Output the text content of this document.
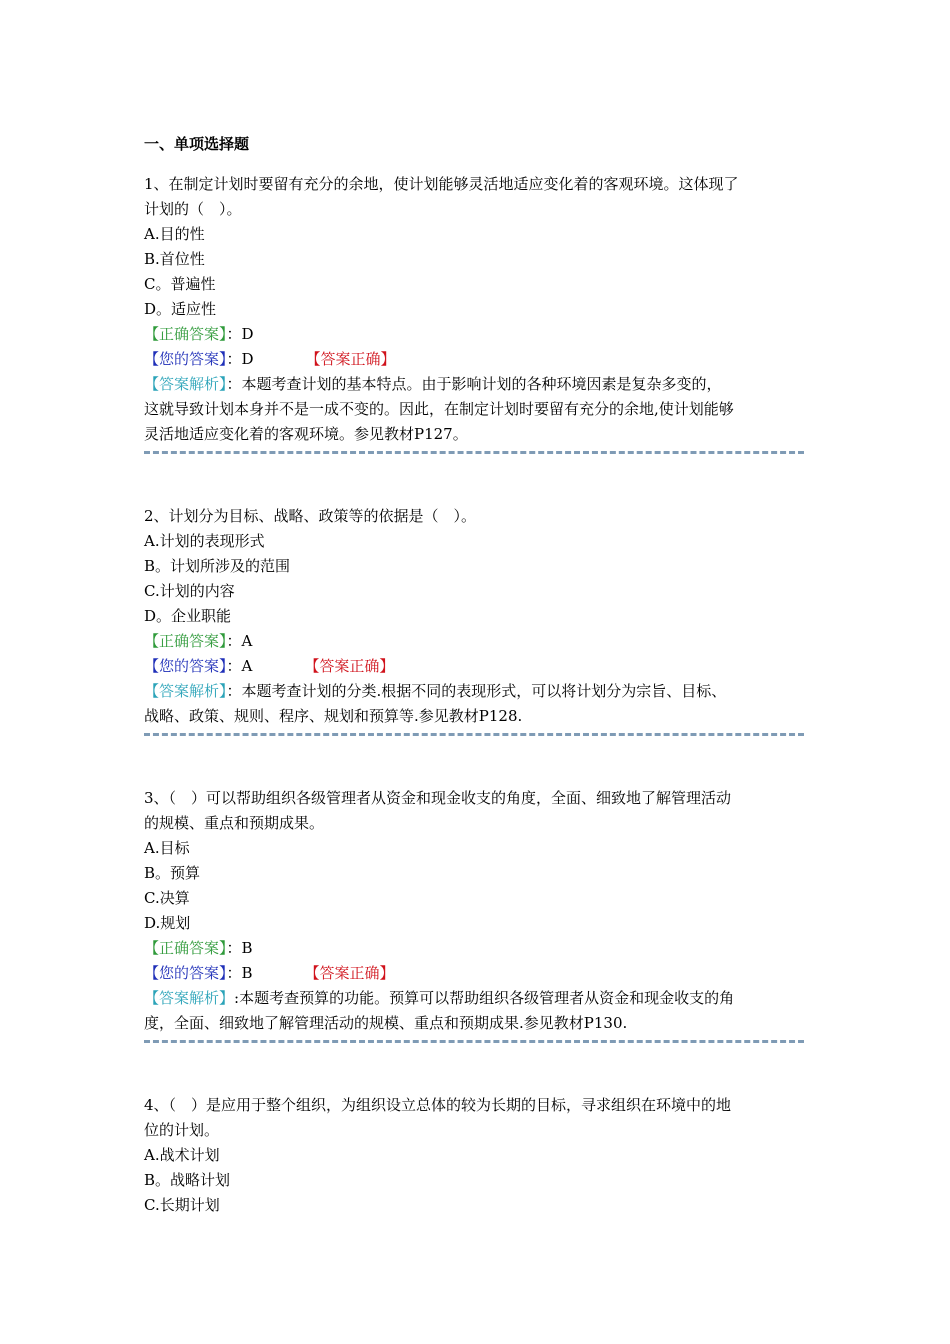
一、单项选择题

1、在制定计划时要留有充分的余地，使计划能够灵活地适应变化着的客观环境。这体现了

计划的（　）。

A.目的性

B.首位性

C。普遍性

D。适应性

【正确答案】：D

【您的答案】：D	【答案正确】

【答案解析】：本题考查计划的基本特点。由于影响计划的各种环境因素是复杂多变的，

这就导致计划本身并不是一成不变的。因此，在制定计划时要留有充分的余地,使计划能够

灵活地适应变化着的客观环境。参见教材P127。

2、计划分为目标、战略、政策等的依据是（　）。

A.计划的表现形式

B。计划所涉及的范围

C.计划的内容

D。企业职能

【正确答案】：A

【您的答案】：A	【答案正确】

【答案解析】：本题考查计划的分类.根据不同的表现形式，可以将计划分为宗旨、目标、

战略、政策、规则、程序、规划和预算等.参见教材P128.

3、（　）可以帮助组织各级管理者从资金和现金收支的角度，全面、细致地了解管理活动

的规模、重点和预期成果。

A.目标

B。预算

C.决算

D.规划

【正确答案】：B

【您的答案】：B	【答案正确】

【答案解析】:本题考查预算的功能。预算可以帮助组织各级管理者从资金和现金收支的角

度，全面、细致地了解管理活动的规模、重点和预期成果.参见教材P130.

4、（　）是应用于整个组织，为组织设立总体的较为长期的目标，寻求组织在环境中的地

位的计划。

A.战术计划

B。战略计划

C.长期计划
